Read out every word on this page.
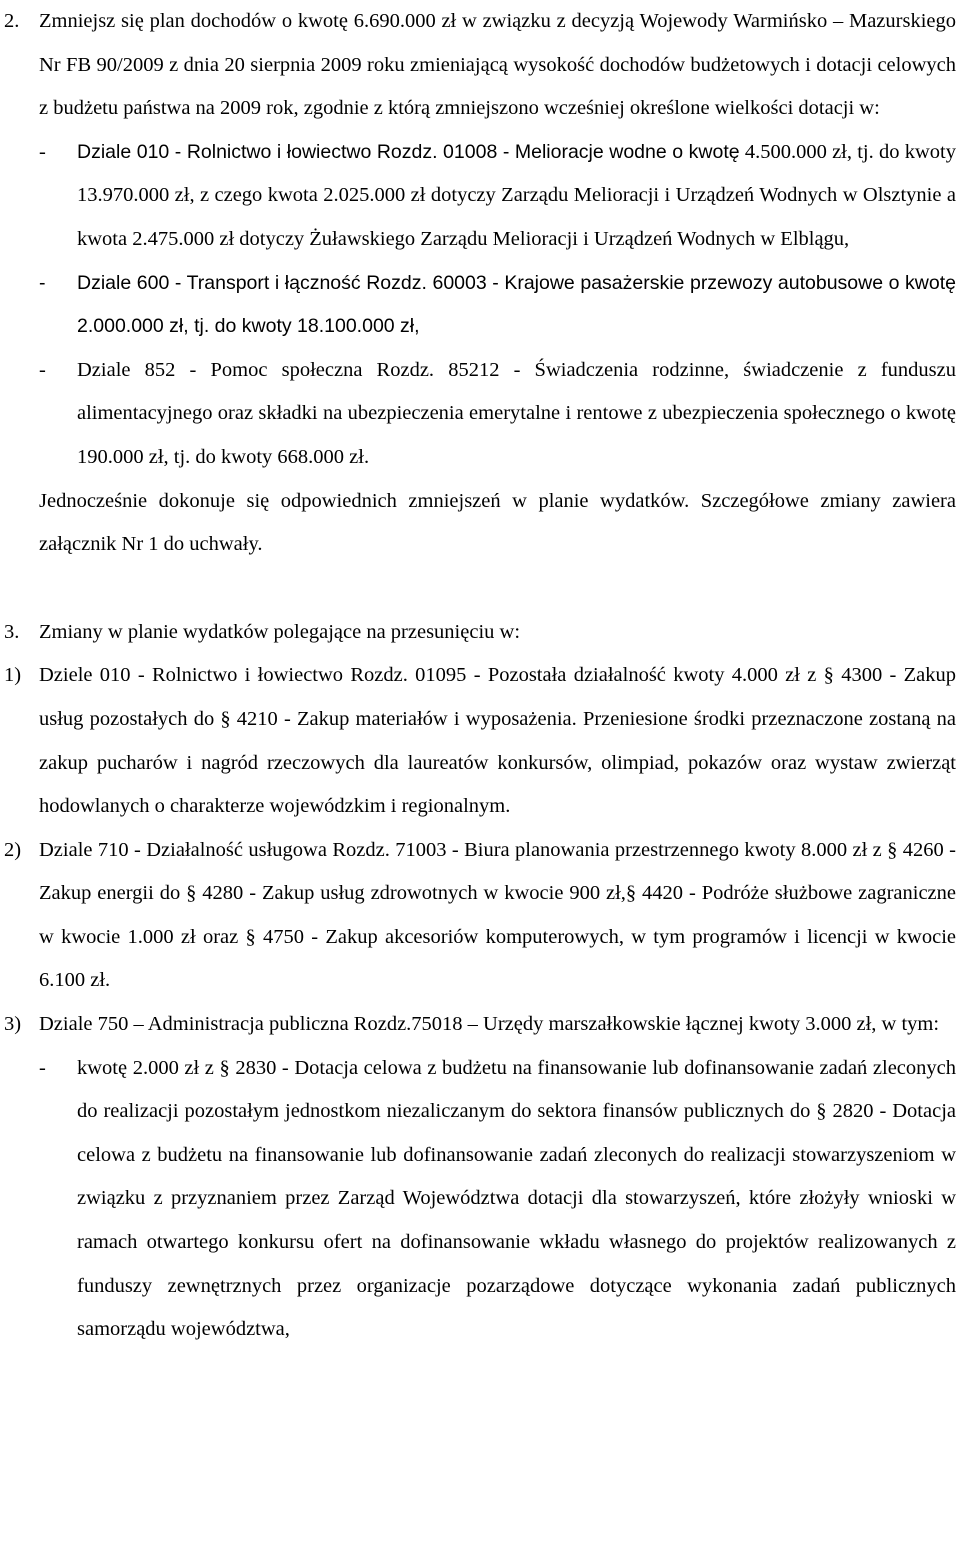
2. Zmniejsz się plan dochodów o kwotę 6.690.000 zł w związku z decyzją Wojewody Warmińsko – Mazurskiego Nr FB 90/2009 z dnia 20 sierpnia 2009 roku zmieniającą wysokość dochodów budżetowych i dotacji celowych z budżetu państwa na 2009 rok, zgodnie z którą zmniejszono wcześniej określone wielkości dotacji w:

- Dziale 010 - Rolnictwo i łowiectwo Rozdz. 01008 - Melioracje wodne o kwotę 4.500.000 zł, tj. do kwoty 13.970.000 zł, z czego kwota 2.025.000 zł dotyczy Zarządu Melioracji i Urządzeń Wodnych w Olsztynie a kwota 2.475.000 zł dotyczy Żuławskiego Zarządu Melioracji i Urządzeń Wodnych w Elblągu,
- Dziale 600 - Transport i łączność Rozdz. 60003 - Krajowe pasażerskie przewozy autobusowe o kwotę 2.000.000 zł, tj. do kwoty 18.100.000 zł,
- Dziale 852 - Pomoc społeczna Rozdz. 85212 - Świadczenia rodzinne, świadczenie z funduszu alimentacyjnego oraz składki na ubezpieczenia emerytalne i rentowe z ubezpieczenia społecznego o kwotę 190.000 zł, tj. do kwoty 668.000 zł.

Jednocześnie dokonuje się odpowiednich zmniejszeń w planie wydatków. Szczegółowe zmiany zawiera załącznik Nr 1 do uchwały.

3. Zmiany w planie wydatków polegające na przesunięciu w:

1) Dziele 010 - Rolnictwo i łowiectwo Rozdz. 01095 - Pozostała działalność kwoty 4.000 zł z § 4300 - Zakup usług pozostałych do § 4210 - Zakup materiałów i wyposażenia. Przeniesione środki przeznaczone zostaną na zakup pucharów i nagród rzeczowych dla laureatów konkursów, olimpiad, pokazów oraz wystaw zwierząt hodowlanych o charakterze wojewódzkim i regionalnym.

2) Dziale 710 - Działalność usługowa Rozdz. 71003 - Biura planowania przestrzennego kwoty 8.000 zł z § 4260 - Zakup energii do § 4280 - Zakup usług zdrowotnych w kwocie 900 zł,§ 4420 - Podróże służbowe zagraniczne w kwocie 1.000 zł oraz § 4750 - Zakup akcesoriów komputerowych, w tym programów i licencji w kwocie 6.100 zł.

3) Dziale 750 – Administracja publiczna Rozdz.75018 – Urzędy marszałkowskie łącznej kwoty 3.000 zł, w tym:

- kwotę 2.000 zł z § 2830 - Dotacja celowa z budżetu na finansowanie lub dofinansowanie zadań zleconych do realizacji pozostałym jednostkom niezaliczanym do sektora finansów publicznych do § 2820 - Dotacja celowa z budżetu na finansowanie lub dofinansowanie zadań zleconych do realizacji stowarzyszeniom w związku z przyznaniem przez Zarząd Województwa dotacji dla stowarzyszeń, które złożyły wnioski w ramach otwartego konkursu ofert na dofinansowanie wkładu własnego do projektów realizowanych z funduszy zewnętrznych przez organizacje pozarządowe dotyczące wykonania zadań publicznych samorządu województwa,
